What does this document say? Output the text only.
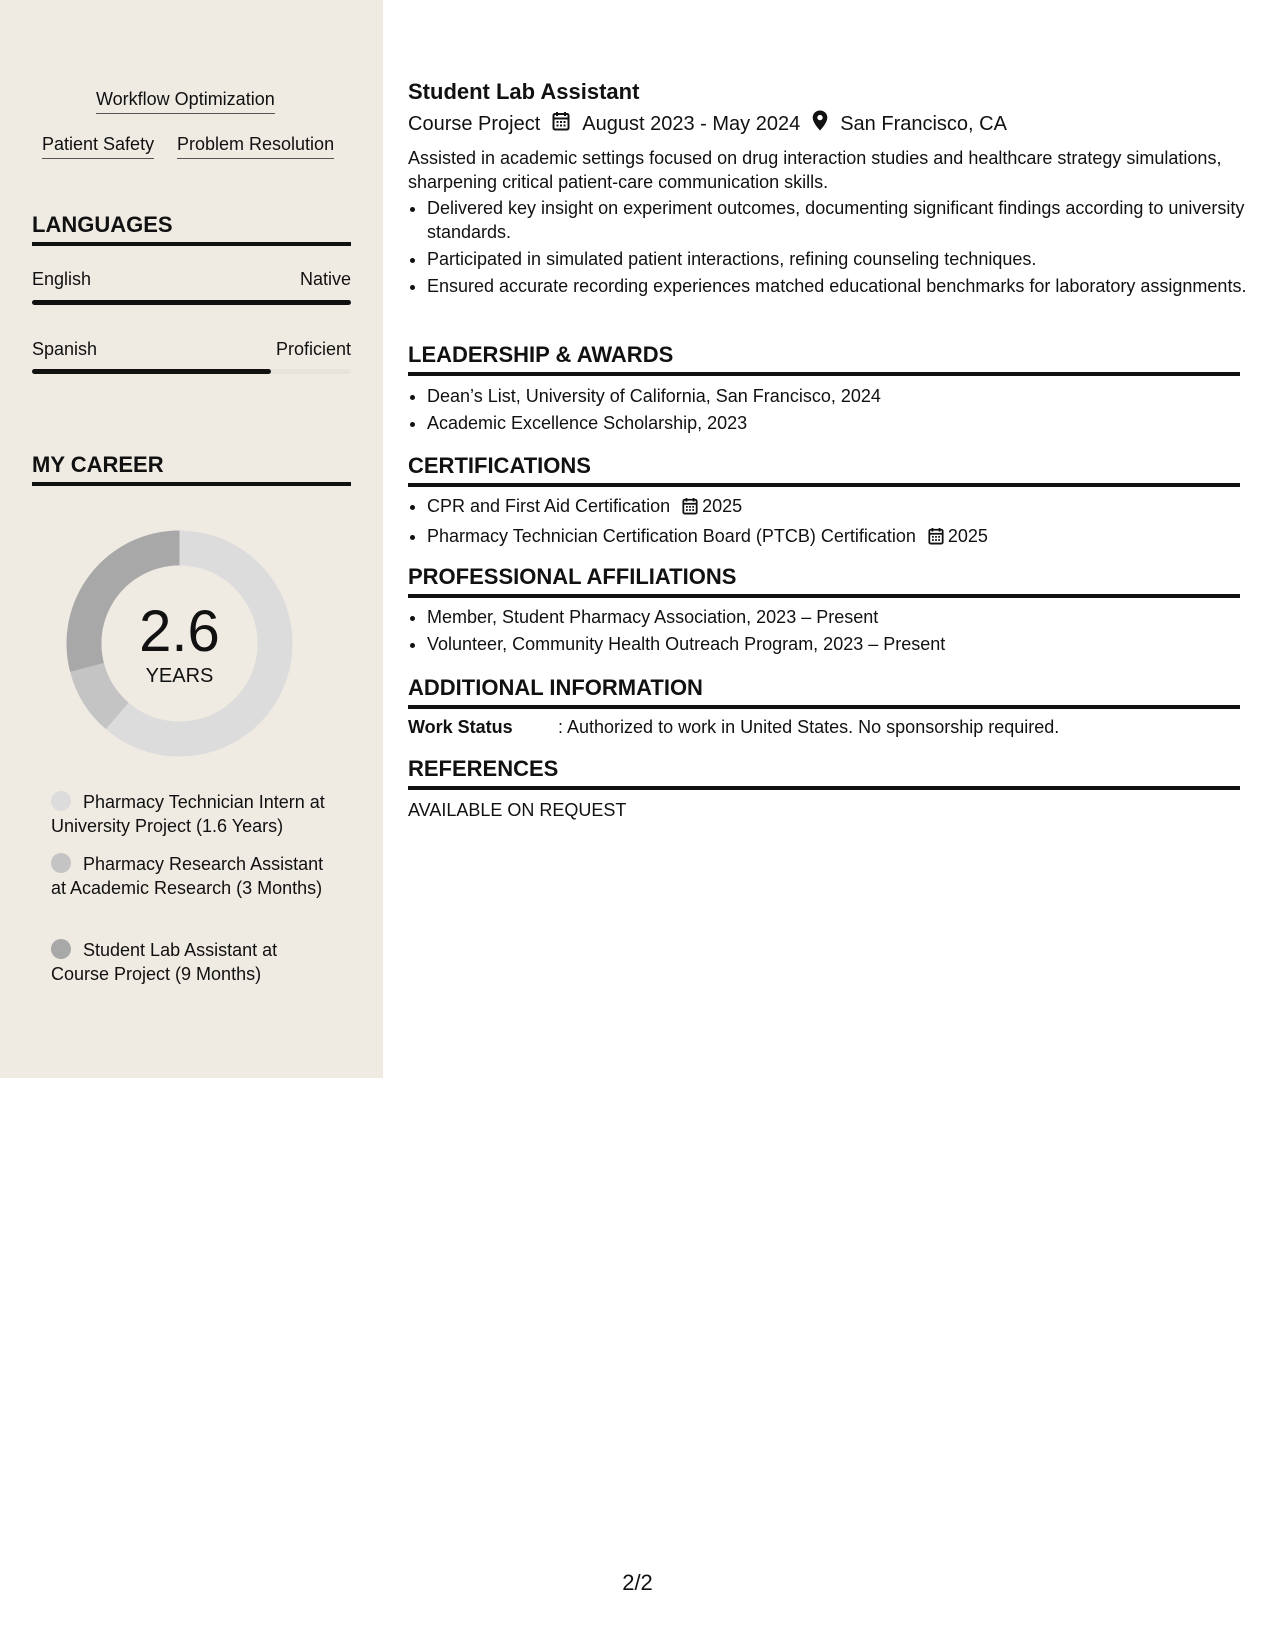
Workflow Optimization
Patient Safety Problem Resolution
LANGUAGES
English	Native
Spanish	Proficient
MY CAREER
2.6
YEARS
Pharmacy Technician Intern at University Project (1.6 Years)
Pharmacy Research Assistant at Academic Research (3 Months)
Student Lab Assistant at Course Project (9 Months)
Student Lab Assistant
Course Project August 2023 - May 2024 San Francisco, CA
Assisted in academic settings focused on drug interaction studies and healthcare strategy simulations, sharpening critical patient-care communication skills.
• Delivered key insight on experiment outcomes, documenting significant findings according to university standards.
• Participated in simulated patient interactions, refining counseling techniques.
• Ensured accurate recording experiences matched educational benchmarks for laboratory assignments.
LEADERSHIP & AWARDS
• Dean’s List, University of California, San Francisco, 2024
• Academic Excellence Scholarship, 2023
CERTIFICATIONS
• CPR and First Aid Certification 2025
• Pharmacy Technician Certification Board (PTCB) Certification 2025
PROFESSIONAL AFFILIATIONS
• Member, Student Pharmacy Association, 2023 – Present
• Volunteer, Community Health Outreach Program, 2023 – Present
ADDITIONAL INFORMATION
Work Status	: Authorized to work in United States. No sponsorship required.
REFERENCES
AVAILABLE ON REQUEST
2/2
